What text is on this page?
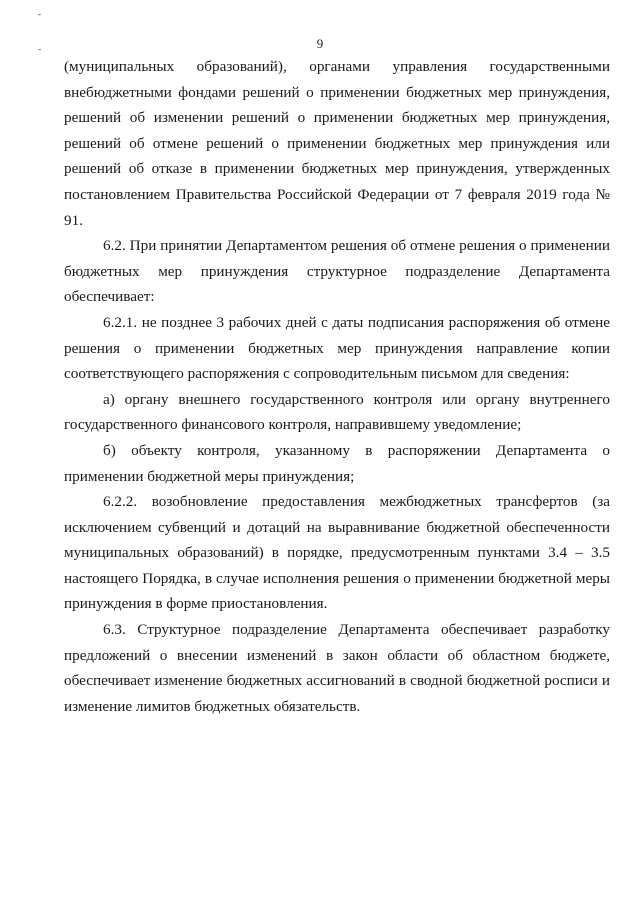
-
-	9

(муниципальных образований), органами управления государственными внебюджетными фондами решений о применении бюджетных мер принуждения, решений об изменении решений о применении бюджетных мер принуждения, решений об отмене решений о применении бюджетных мер принуждения или решений об отказе в применении бюджетных мер принуждения, утвержденных постановлением Правительства Российской Федерации от 7 февраля 2019 года № 91.

6.2. При принятии Департаментом решения об отмене решения о применении бюджетных мер принуждения структурное подразделение Департамента обеспечивает:

6.2.1. не позднее 3 рабочих дней с даты подписания распоряжения об отмене решения о применении бюджетных мер принуждения направление копии соответствующего распоряжения с сопроводительным письмом для сведения:

а) органу внешнего государственного контроля или органу внутреннего государственного финансового контроля, направившему уведомление;

б) объекту контроля, указанному в распоряжении Департамента о применении бюджетной меры принуждения;

6.2.2. возобновление предоставления межбюджетных трансфертов (за исключением субвенций и дотаций на выравнивание бюджетной обеспеченности муниципальных образований) в порядке, предусмотренным пунктами 3.4 – 3.5 настоящего Порядка, в случае исполнения решения о применении бюджетной меры принуждения в форме приостановления.

6.3. Структурное подразделение Департамента обеспечивает разработку предложений о внесении изменений в закон области об областном бюджете, обеспечивает изменение бюджетных ассигнований в сводной бюджетной росписи и изменение лимитов бюджетных обязательств.
